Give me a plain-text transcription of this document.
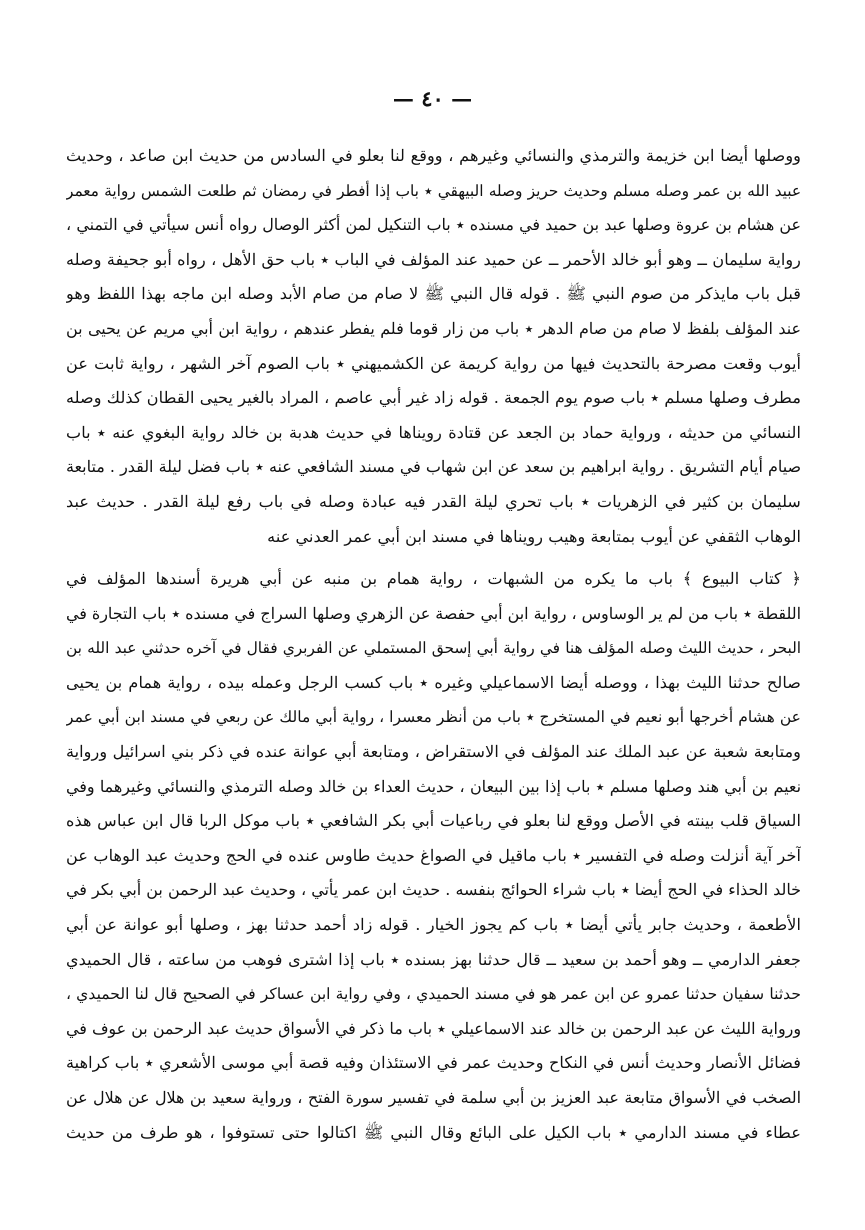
— ٤٠ —
ووصلها أيضا ابن خزيمة والترمذي والنسائي وغيرهم ، ووقع لنا بعلو في السادس من حديث ابن صاعد ، وحديث
عبيد الله بن عمر وصله مسلم وحديث حريز وصله البيهقي ٭ باب إذا أفطر في رمضان ثم طلعت الشمس رواية معمر
عن هشام بن عروة وصلها عبد بن حميد في مسنده ٭ باب التنكيل لمن أكثر الوصال رواه أنس سيأتي في التمني ،
رواية سليمان ــ وهو أبو خالد الأحمر ــ عن حميد عند المؤلف في الباب ٭ باب حق الأهل ، رواه أبو جحيفة وصله
قبل باب مايذكر من صوم النبي ﷺ . قوله قال النبي ﷺ لا صام من صام الأبد وصله ابن ماجه بهذا اللفظ وهو
عند المؤلف بلفظ لا صام من صام الدهر ٭ باب من زار قوما فلم يفطر عندهم ، رواية ابن أبي مريم عن يحيى بن
أيوب وقعت مصرحة بالتحديث فيها من رواية كريمة عن الكشميهني ٭ باب الصوم آخر الشهر ، رواية ثابت عن
مطرف وصلها مسلم ٭ باب صوم يوم الجمعة . قوله زاد غير أبي عاصم ، المراد بالغير يحيى القطان كذلك وصله
النسائي من حديثه ، ورواية حماد بن الجعد عن قتادة رويناها في حديث هدبة بن خالد رواية البغوي عنه ٭ باب
صيام أيام التشريق . رواية ابراهيم بن سعد عن ابن شهاب في مسند الشافعي عنه ٭ باب فضل ليلة القدر . متابعة
سليمان بن كثير في الزهريات ٭ باب تحري ليلة القدر فيه عبادة وصله في باب رفع ليلة القدر . حديث عبد
الوهاب الثقفي عن أيوب بمتابعة وهيب رويناها في مسند ابن أبي عمر العدني عنه
﴿ كتاب البيوع ﴾ باب ما يكره من الشبهات ، رواية همام بن منبه عن أبي هريرة أسندها المؤلف في
اللقطة ٭ باب من لم ير الوساوس ، رواية ابن أبي حفصة عن الزهري وصلها السراج في مسنده ٭ باب التجارة في
البحر ، حديث الليث وصله المؤلف هنا في رواية أبي إسحق المستملي عن الفربري فقال في آخره حدثني عبد الله بن
صالح حدثنا الليث بهذا ، ووصله أيضا الاسماعيلي وغيره ٭ باب كسب الرجل وعمله بيده ، رواية همام بن يحيى
عن هشام أخرجها أبو نعيم في المستخرج ٭ باب من أنظر معسرا ، رواية أبي مالك عن ربعي في مسند ابن أبي عمر
ومتابعة شعبة عن عبد الملك عند المؤلف في الاستقراض ، ومتابعة أبي عوانة عنده في ذكر بني اسرائيل ورواية
نعيم بن أبي هند وصلها مسلم ٭ باب إذا بين البيعان ، حديث العداء بن خالد وصله الترمذي والنسائي وغيرهما وفي
السياق قلب بينته في الأصل ووقع لنا بعلو في رباعيات أبي بكر الشافعي ٭ باب موكل الربا قال ابن عباس هذه
آخر آية أنزلت وصله في التفسير ٭ باب ماقيل في الصواغ حديث طاوس عنده في الحج وحديث عبد الوهاب عن
خالد الحذاء في الحج أيضا ٭ باب شراء الحوائج بنفسه . حديث ابن عمر يأتي ، وحديث عبد الرحمن بن أبي بكر في
الأطعمة ، وحديث جابر يأتي أيضا ٭ باب كم يجوز الخيار . قوله زاد أحمد حدثنا بهز ، وصلها أبو عوانة عن أبي
جعفر الدارمي ــ وهو أحمد بن سعيد ــ قال حدثنا بهز بسنده ٭ باب إذا اشترى فوهب من ساعته ، قال الحميدي
حدثنا سفيان حدثنا عمرو عن ابن عمر هو في مسند الحميدي ، وفي رواية ابن عساكر في الصحيح قال لنا الحميدي ،
ورواية الليث عن عبد الرحمن بن خالد عند الاسماعيلي ٭ باب ما ذكر في الأسواق حديث عبد الرحمن بن عوف في
فضائل الأنصار وحديث أنس في النكاح وحديث عمر في الاستئذان وفيه قصة أبي موسى الأشعري ٭ باب كراهية
الصخب في الأسواق متابعة عبد العزيز بن أبي سلمة في تفسير سورة الفتح ، ورواية سعيد بن هلال عن هلال عن
عطاء في مسند الدارمي ٭ باب الكيل على البائع وقال النبي ﷺ اكتالوا حتى تستوفوا ، هو طرف من حديث
